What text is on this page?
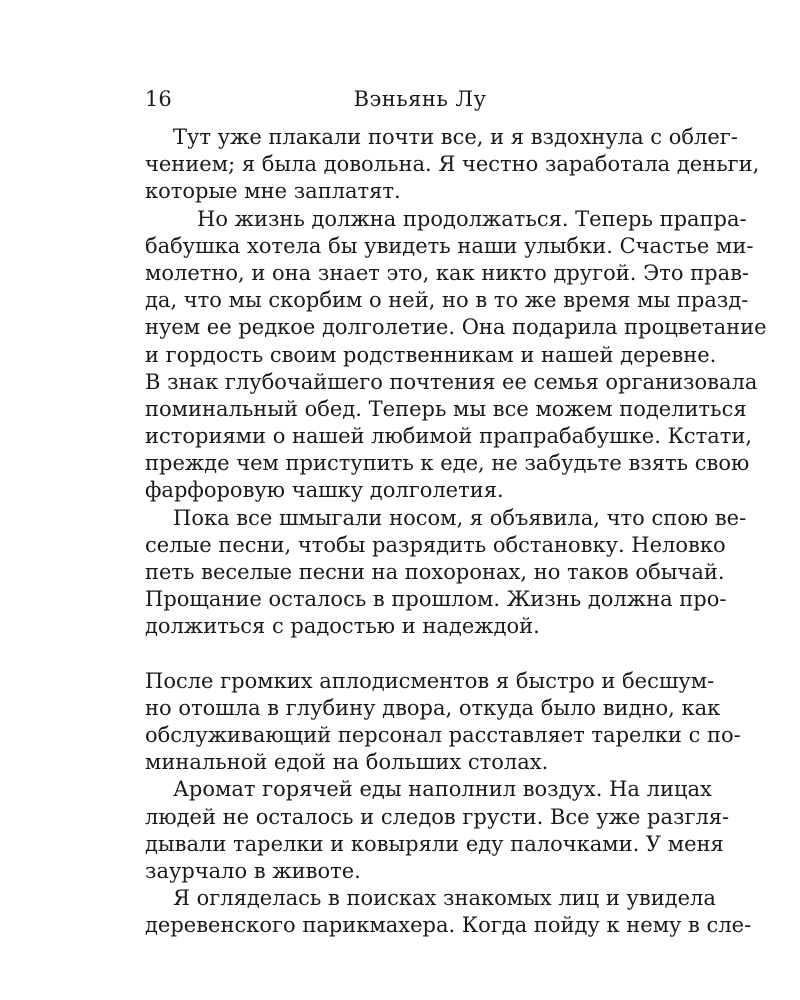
16	Вэньянь Лу
Тут уже плакали почти все, и я вздохнула с облег-
чением; я была довольна. Я честно заработала деньги,
которые мне заплатят.
Но жизнь должна продолжаться. Теперь прапра-
бабушка хотела бы увидеть наши улыбки. Счастье ми-
молетно, и она знает это, как никто другой. Это прав-
да, что мы скорбим о ней, но в то же время мы празд-
нуем ее редкое долголетие. Она подарила процветание
и гордость своим родственникам и нашей деревне.
В знак глубочайшего почтения ее семья организовала
поминальный обед. Теперь мы все можем поделиться
историями о нашей любимой прапрабабушке. Кстати,
прежде чем приступить к еде, не забудьте взять свою
фарфоровую чашку долголетия.
Пока все шмыгали носом, я объявила, что спою ве-
селые песни, чтобы разрядить обстановку. Неловко
петь веселые песни на похоронах, но таков обычай.
Прощание осталось в прошлом. Жизнь должна про-
должиться с радостью и надеждой.
После громких аплодисментов я быстро и бесшум-
но отошла в глубину двора, откуда было видно, как
обслуживающий персонал расставляет тарелки с по-
минальной едой на больших столах.
Аромат горячей еды наполнил воздух. На лицах
людей не осталось и следов грусти. Все уже разгля-
дывали тарелки и ковыряли еду палочками. У меня
заурчало в животе.
Я огляделась в поисках знакомых лиц и увидела
деревенского парикмахера. Когда пойду к нему в сле-
